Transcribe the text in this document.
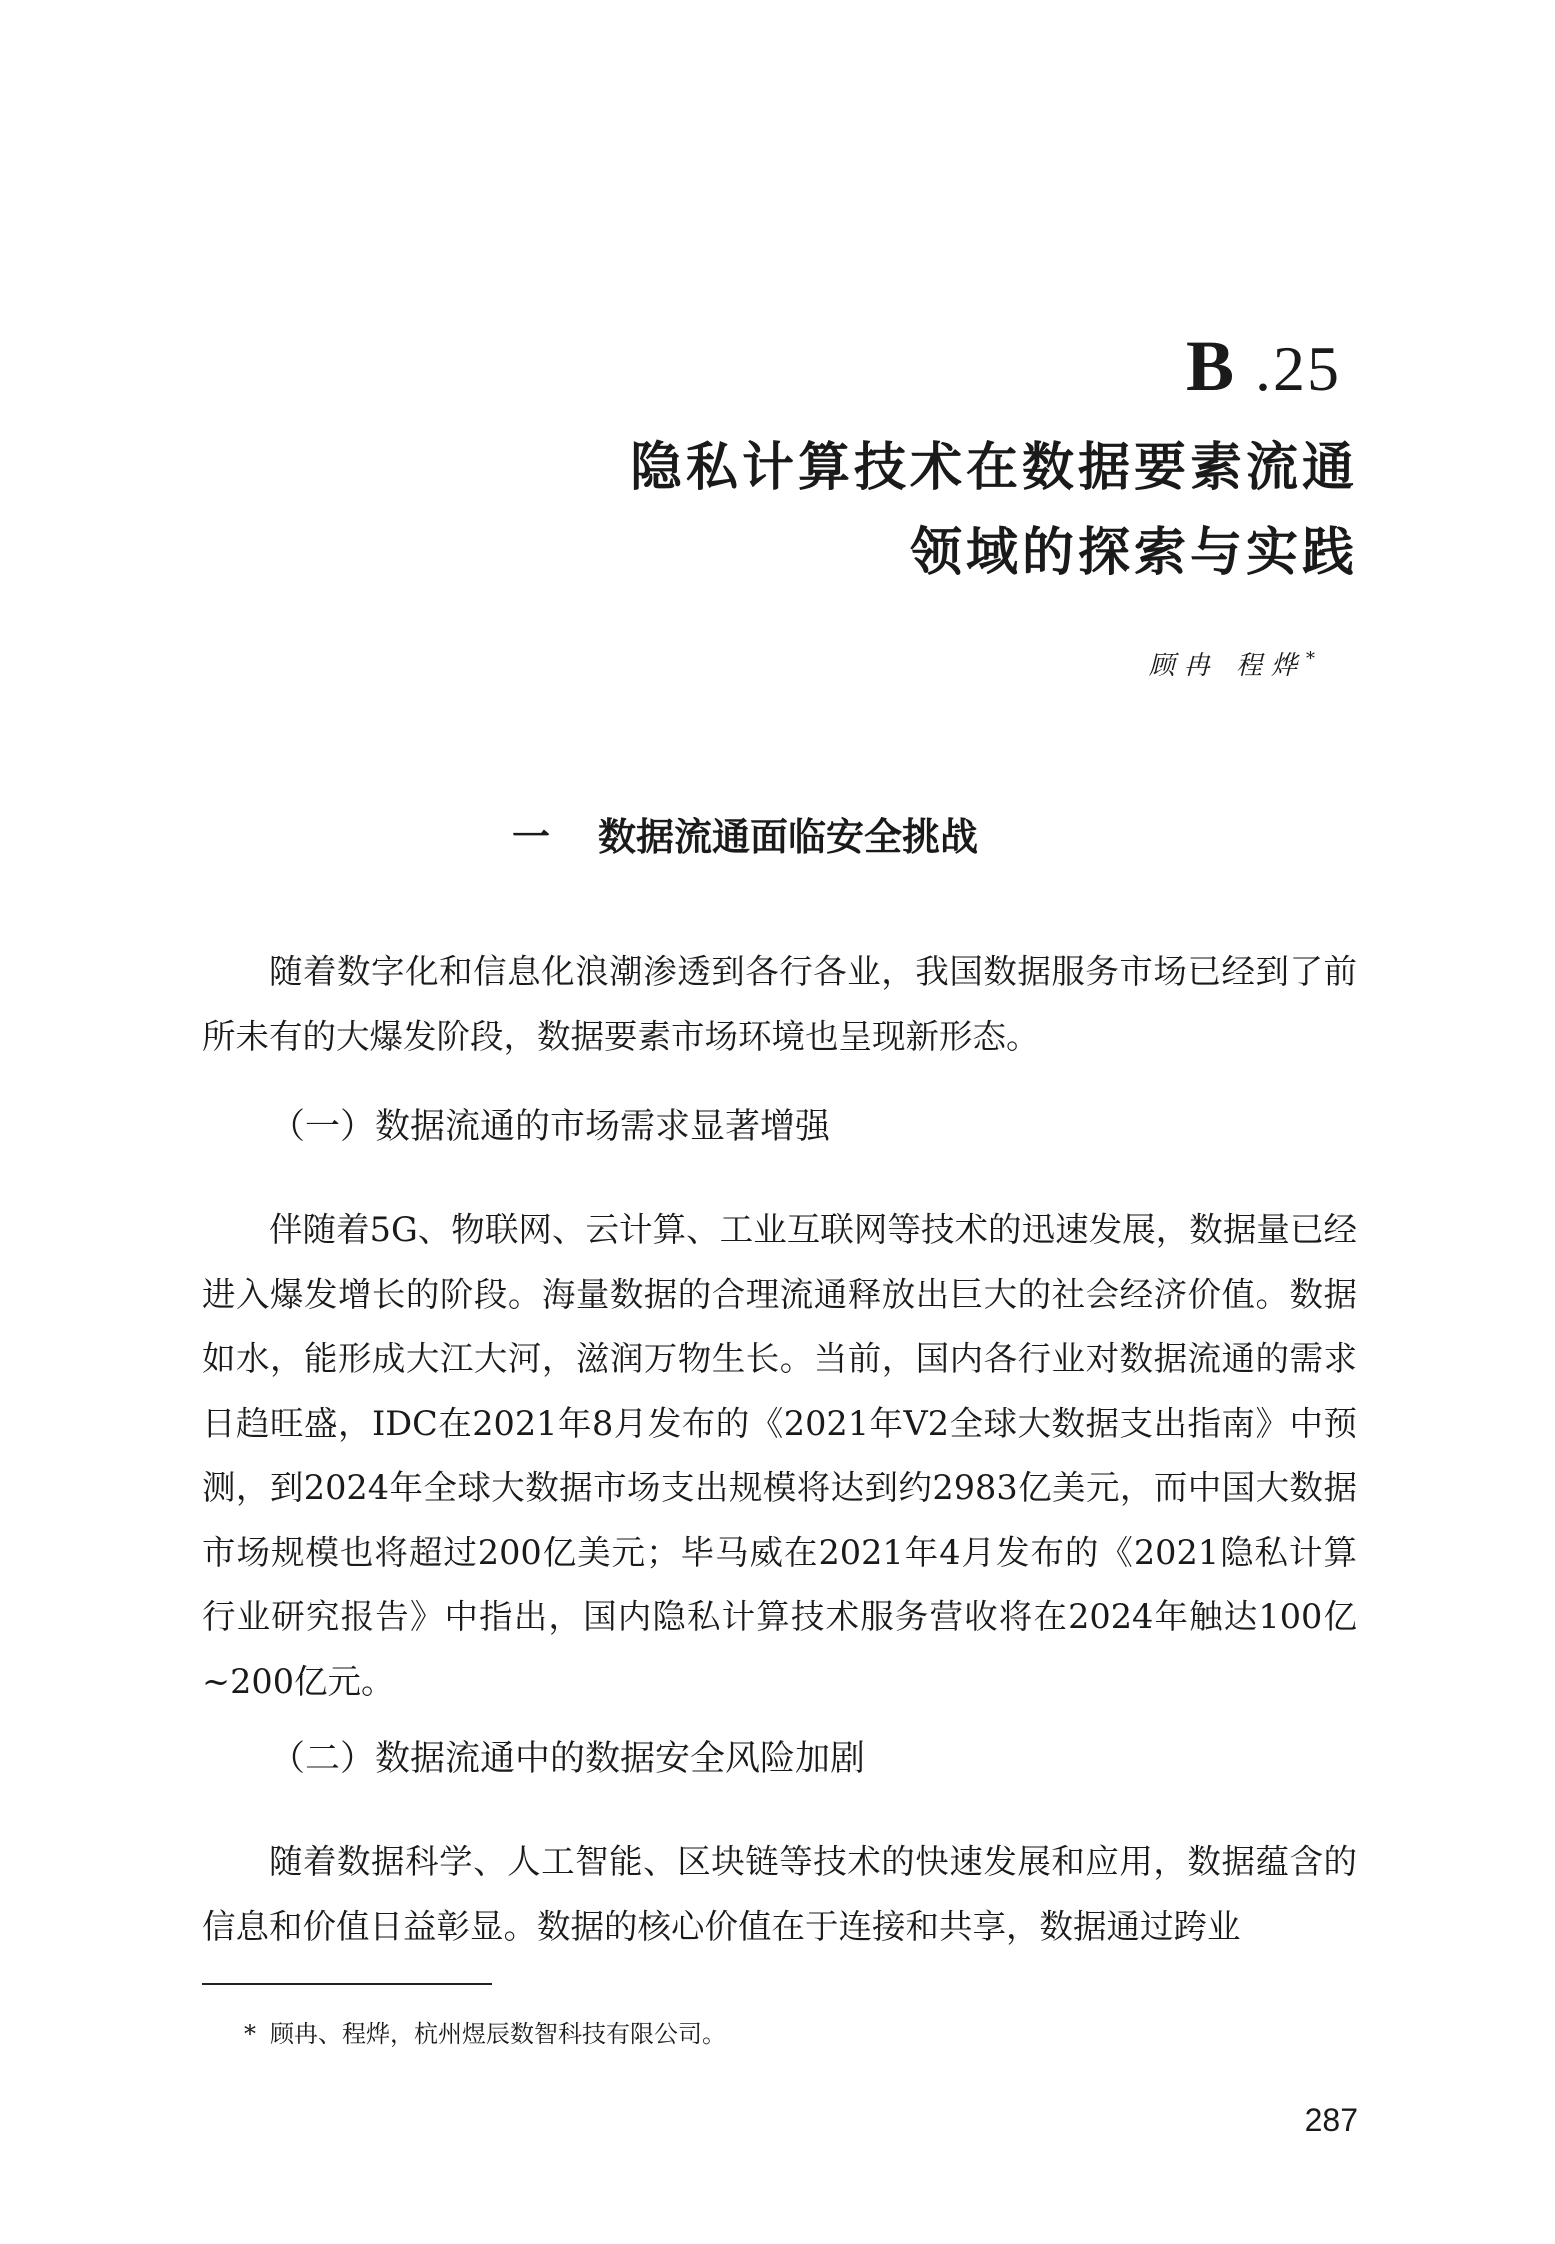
B .25
隐私计算技术在数据要素流通
领域的探索与实践
顾冉 程烨*
一 数据流通面临安全挑战

随着数字化和信息化浪潮渗透到各行各业，我国数据服务市场已经到了前所未有的大爆发阶段，数据要素市场环境也呈现新形态。

（一）数据流通的市场需求显著增强

伴随着5G、物联网、云计算、工业互联网等技术的迅速发展，数据量已经进入爆发增长的阶段。海量数据的合理流通释放出巨大的社会经济价值。数据如水，能形成大江大河，滋润万物生长。当前，国内各行业对数据流通的需求日趋旺盛，IDC在2021年8月发布的《2021年V2全球大数据支出指南》中预测，到2024年全球大数据市场支出规模将达到约2983亿美元，而中国大数据市场规模也将超过200亿美元；毕马威在2021年4月发布的《2021隐私计算行业研究报告》中指出，国内隐私计算技术服务营收将在2024年触达100亿~200亿元。

（二）数据流通中的数据安全风险加剧

随着数据科学、人工智能、区块链等技术的快速发展和应用，数据蕴含的信息和价值日益彰显。数据的核心价值在于连接和共享，数据通过跨业

* 顾冉、程烨，杭州煜辰数智科技有限公司。
287
